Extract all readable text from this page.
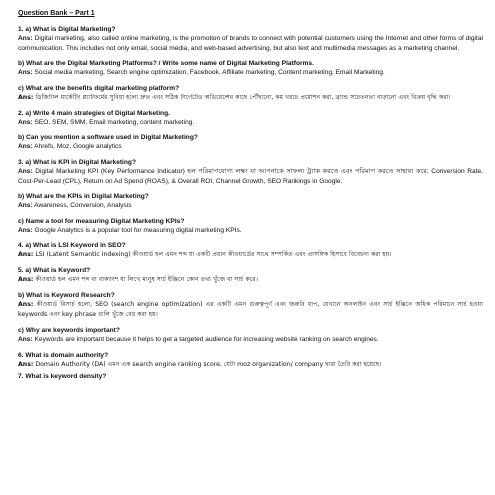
Question Bank – Part 1

1. a) What is Digital Marketing?

Ans: Digital marketing, also called online marketing, is the promotion of brands to connect with potential customers using the Internet and other forms of digital communication. This includes not only email, social media, and web-based advertising, but also text and multimedia messages as a marketing channel.

b) What are the Digital Marketing Platforms? / Write some name of Digital Marketing Platforms.

Ans: Social media marketing, Search engine optimization, Facebook, Affiliate marketing, Content marketing, Email Marketing.

c) What are the benefits digital marketing platform?

Ans: ডিজিটাল মার্কেটিং প্ল্যাটফর্মের সুবিধা হলো দ্রুত এবং সঠিক টার্গেটেড অডিয়েন্সের কাছে পৌঁছানো, কম খরচে প্রমোশন করা, ব্র্যান্ড সচেতনতা বাড়ানো এবং বিক্রয় বৃদ্ধি করা।

2. a) Write 4 main strategies of Digital Marketing.

Ans: SEO, SEM, SMM, Email marketing, content marketing.

b) Can you mention a software used in Digital Marketing?

Ans: Ahrefs, Moz, Google analytics

3. a) What is KPI in Digital Marketing?

Ans: Digital Marketing KPI (Key Performance Indicator) হল পরিমাপযোগ্য লক্ষ্য যা আপনাকে সাফল্য ট্র্যাক করতে এবং পরিমাপ করতে সাহায্য করে: Conversion Rate, Cost-Per-Lead (CPL), Return on Ad Spend (ROAS), & Overall ROI, Channel Growth, SEO Rankings in Google.

b) What are the KPIs in Digital Marketing?

Ans: Awareness, Conversion, Analysis

c) Name a tool for measuring Digital Marketing KPIs?

Ans: Google Analytics is a popular tool for measuring digital marketing KPIs.

4. a) What is LSI Keyword in SEO?

Ans: LSI (Latent Semantic Indexing) কীওয়ার্ড হল এমন শব্দ যা একটি প্রধান কীওয়ার্ডের সাথে সম্পর্কিত এবং প্রাসঙ্গিক হিসাবে বিবেচনা করা হয়।

5. a) What is Keyword?

Ans: কীওয়ার্ড হল এমন শব্দ বা বাক্যাংশ যা লিখে মানুষ সার্চ ইঞ্জিনে কোন তথ্য খুঁজে বা সার্চ করে।

b) What is Keyword Research?

Ans: কীওয়ার্ড রিসার্চ হলো, SEO (search engine optimization) এর একটি এমন গুরুত্বপূর্ণ এবং জরুরি ধাপ, যেখানে অনলাইন এবং সার্চ ইঞ্জিনে অধিক পরিমানে সার্চ হওয়া keywords এবং key phrase গুলি খুঁজে বের করা হয়।

c) Why are keywords important?

Ans: Keywords are important because it helps to get a targeted audience for increasing website ranking on search engines.

6. What is domain authority?

Ans: Domain Authority (DA) এমন এক search engine ranking score, যেটা moz organization/ company দ্বারা তৈরি করা হয়েছে।

7. What is keyword density?
